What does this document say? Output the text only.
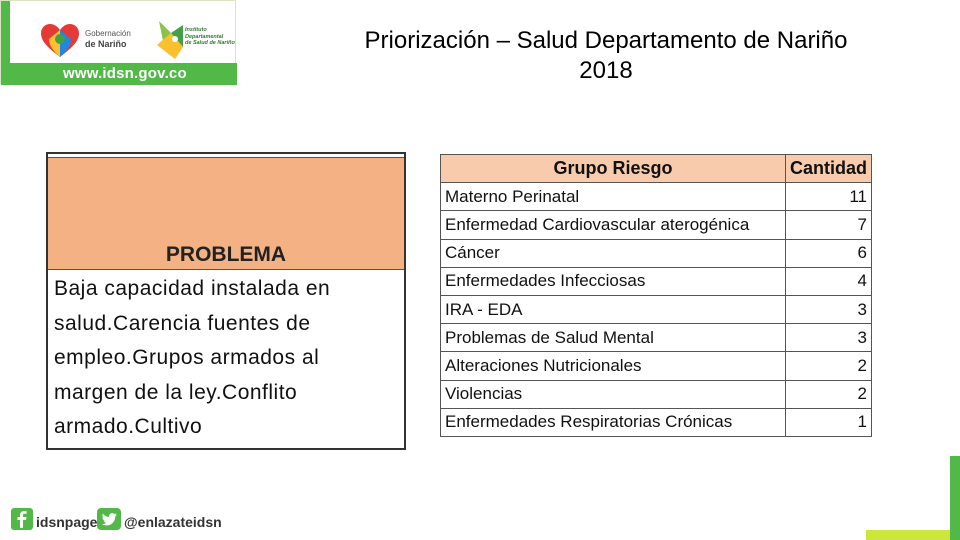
Gobernación
de Nariño
Instituto
Departamental
de Salud de Nariño
www.idsn.gov.co
Priorización – Salud Departamento de Nariño
2018
PROBLEMA
Baja capacidad instalada en
salud.Carencia fuentes de
empleo.Grupos armados al
margen de la ley.Conflito
armado.Cultivo
Grupo Riesgo	Cantidad
Materno Perinatal	11
Enfermedad Cardiovascular aterogénica	7
Cáncer	6
Enfermedades Infecciosas	4
IRA - EDA	3
Problemas de Salud Mental	3
Alteraciones Nutricionales	2
Violencias	2
Enfermedades Respiratorias Crónicas	1
idsnpage @enlazateidsn
